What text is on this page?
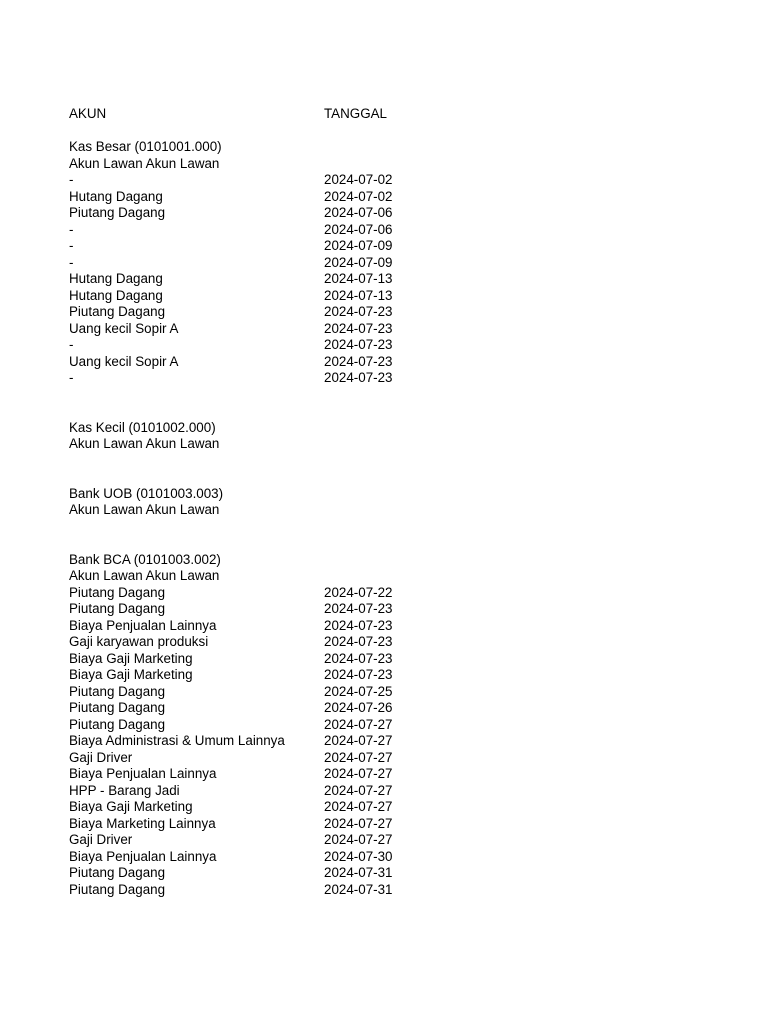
AKUN	TANGGAL
Kas Besar (0101001.000)
Akun Lawan Akun Lawan
-	2024-07-02
Hutang Dagang	2024-07-02
Piutang Dagang	2024-07-06
-	2024-07-06
-	2024-07-09
-	2024-07-09
Hutang Dagang	2024-07-13
Hutang Dagang	2024-07-13
Piutang Dagang	2024-07-23
Uang kecil Sopir A	2024-07-23
-	2024-07-23
Uang kecil Sopir A	2024-07-23
-	2024-07-23
Kas Kecil (0101002.000)
Akun Lawan Akun Lawan
Bank UOB (0101003.003)
Akun Lawan Akun Lawan
Bank BCA (0101003.002)
Akun Lawan Akun Lawan
Piutang Dagang	2024-07-22
Piutang Dagang	2024-07-23
Biaya Penjualan Lainnya	2024-07-23
Gaji karyawan produksi	2024-07-23
Biaya Gaji Marketing	2024-07-23
Biaya Gaji Marketing	2024-07-23
Piutang Dagang	2024-07-25
Piutang Dagang	2024-07-26
Piutang Dagang	2024-07-27
Biaya Administrasi & Umum Lainnya	2024-07-27
Gaji Driver	2024-07-27
Biaya Penjualan Lainnya	2024-07-27
HPP - Barang Jadi	2024-07-27
Biaya Gaji Marketing	2024-07-27
Biaya Marketing Lainnya	2024-07-27
Gaji Driver	2024-07-27
Biaya Penjualan Lainnya	2024-07-30
Piutang Dagang	2024-07-31
Piutang Dagang	2024-07-31
